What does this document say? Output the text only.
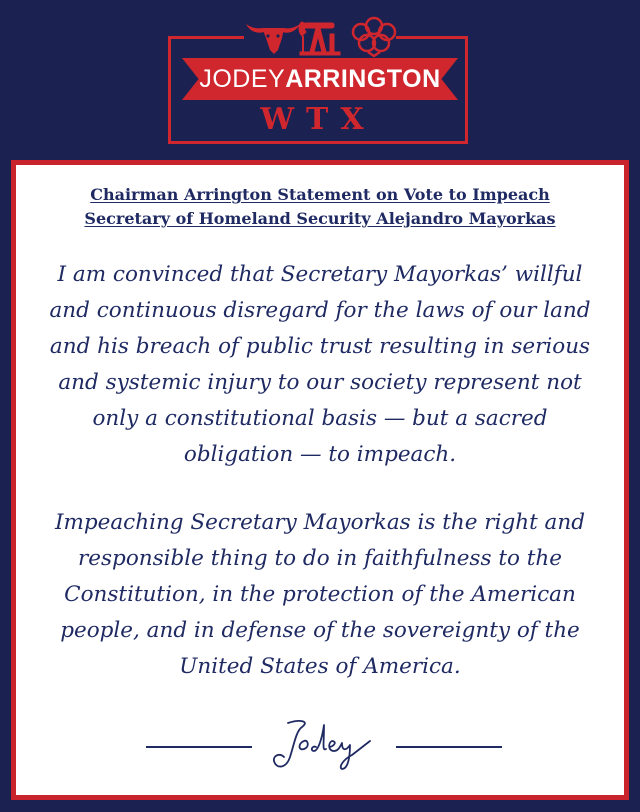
JODEYARRINGTON
WTX
Chairman Arrington Statement on Vote to Impeach
Secretary of Homeland Security Alejandro Mayorkas
I am convinced that Secretary Mayorkas’ willful and continuous disregard for the laws of our land and his breach of public trust resulting in serious and systemic injury to our society represent not only a constitutional basis — but a sacred obligation — to impeach.
Impeaching Secretary Mayorkas is the right and responsible thing to do in faithfulness to the Constitution, in the protection of the American people, and in defense of the sovereignty of the United States of America.
